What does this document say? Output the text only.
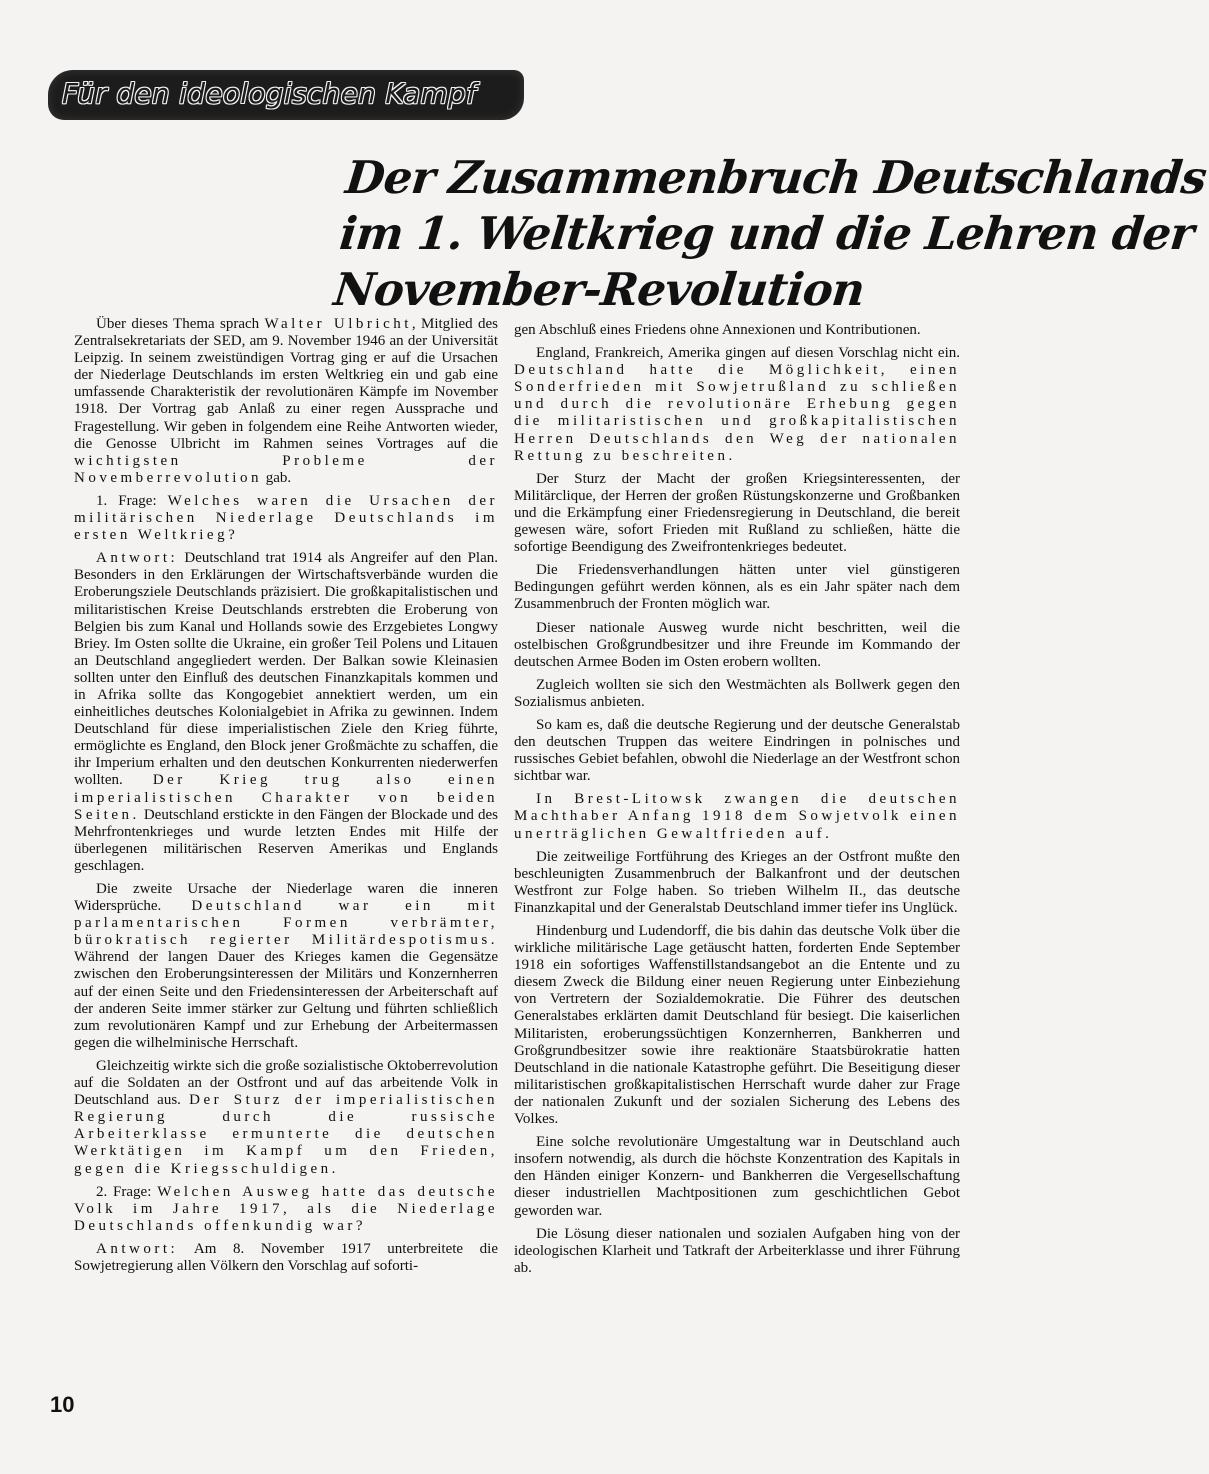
Für den ideologischen Kampf
Der Zusammenbruch Deutschlands
im 1. Weltkrieg und die Lehren der
November-Revolution

Über dieses Thema sprach Walter Ulbricht, Mitglied des Zentralsekretariats der SED, am 9. November 1946 an der Universität Leipzig. In seinem zweistündigen Vortrag ging er auf die Ursachen der Niederlage Deutschlands im ersten Weltkrieg ein und gab eine umfassende Charakteristik der revolutionären Kämpfe im November 1918. Der Vortrag gab Anlaß zu einer regen Aussprache und Fragestellung. Wir geben in folgendem eine Reihe Antworten wieder, die Genosse Ulbricht im Rahmen seines Vortrages auf die wichtigsten Probleme der Novemberrevolution gab.

1. Frage: Welches waren die Ursachen der militärischen Niederlage Deutschlands im ersten Weltkrieg?

Antwort: Deutschland trat 1914 als Angreifer auf den Plan. Besonders in den Erklärungen der Wirtschaftsverbände wurden die Eroberungsziele Deutschlands präzisiert. Die großkapitalistischen und militaristischen Kreise Deutschlands erstrebten die Eroberung von Belgien bis zum Kanal und Hollands sowie des Erzgebietes Longwy Briey. Im Osten sollte die Ukraine, ein großer Teil Polens und Litauen an Deutschland angegliedert werden. Der Balkan sowie Kleinasien sollten unter den Einfluß des deutschen Finanzkapitals kommen und in Afrika sollte das Kongogebiet annektiert werden, um ein einheitliches deutsches Kolonialgebiet in Afrika zu gewinnen. Indem Deutschland für diese imperialistischen Ziele den Krieg führte, ermöglichte es England, den Block jener Großmächte zu schaffen, die ihr Imperium erhalten und den deutschen Konkurrenten niederwerfen wollten. Der Krieg trug also einen imperialistischen Charakter von beiden Seiten. Deutschland erstickte in den Fängen der Blockade und des Mehrfrontenkrieges und wurde letzten Endes mit Hilfe der überlegenen militärischen Reserven Amerikas und Englands geschlagen.

Die zweite Ursache der Niederlage waren die inneren Widersprüche. Deutschland war ein mit parlamentarischen Formen verbrämter, bürokratisch regierter Militärdespotismus. Während der langen Dauer des Krieges kamen die Gegensätze zwischen den Eroberungsinteressen der Militärs und Konzernherren auf der einen Seite und den Friedensinteressen der Arbeiterschaft auf der anderen Seite immer stärker zur Geltung und führten schließlich zum revolutionären Kampf und zur Erhebung der Arbeitermassen gegen die wilhelminische Herrschaft.

Gleichzeitig wirkte sich die große sozialistische Oktoberrevolution auf die Soldaten an der Ostfront und auf das arbeitende Volk in Deutschland aus. Der Sturz der imperialistischen Regierung durch die russische Arbeiterklasse ermunterte die deutschen Werktätigen im Kampf um den Frieden, gegen die Kriegsschuldigen.

2. Frage: Welchen Ausweg hatte das deutsche Volk im Jahre 1917, als die Niederlage Deutschlands offenkundig war?

Antwort: Am 8. November 1917 unterbreitete die Sowjetregierung allen Völkern den Vorschlag auf soforti-

gen Abschluß eines Friedens ohne Annexionen und Kontributionen.

England, Frankreich, Amerika gingen auf diesen Vorschlag nicht ein. Deutschland hatte die Möglichkeit, einen Sonderfrieden mit Sowjetrußland zu schließen und durch die revolutionäre Erhebung gegen die militaristischen und großkapitalistischen Herren Deutschlands den Weg der nationalen Rettung zu beschreiten.

Der Sturz der Macht der großen Kriegsinteressenten, der Militärclique, der Herren der großen Rüstungskonzerne und Großbanken und die Erkämpfung einer Friedensregierung in Deutschland, die bereit gewesen wäre, sofort Frieden mit Rußland zu schließen, hätte die sofortige Beendigung des Zweifrontenkrieges bedeutet.

Die Friedensverhandlungen hätten unter viel günstigeren Bedingungen geführt werden können, als es ein Jahr später nach dem Zusammenbruch der Fronten möglich war.

Dieser nationale Ausweg wurde nicht beschritten, weil die ostelbischen Großgrundbesitzer und ihre Freunde im Kommando der deutschen Armee Boden im Osten erobern wollten.

Zugleich wollten sie sich den Westmächten als Bollwerk gegen den Sozialismus anbieten.

So kam es, daß die deutsche Regierung und der deutsche Generalstab den deutschen Truppen das weitere Eindringen in polnisches und russisches Gebiet befahlen, obwohl die Niederlage an der Westfront schon sichtbar war.

In Brest-Litowsk zwangen die deutschen Machthaber Anfang 1918 dem Sowjetvolk einen unerträglichen Gewaltfrieden auf.

Die zeitweilige Fortführung des Krieges an der Ostfront mußte den beschleunigten Zusammenbruch der Balkanfront und der deutschen Westfront zur Folge haben. So trieben Wilhelm II., das deutsche Finanzkapital und der Generalstab Deutschland immer tiefer ins Unglück.

Hindenburg und Ludendorff, die bis dahin das deutsche Volk über die wirkliche militärische Lage getäuscht hatten, forderten Ende September 1918 ein sofortiges Waffenstillstandsangebot an die Entente und zu diesem Zweck die Bildung einer neuen Regierung unter Einbeziehung von Vertretern der Sozialdemokratie. Die Führer des deutschen Generalstabes erklärten damit Deutschland für besiegt. Die kaiserlichen Militaristen, eroberungssüchtigen Konzernherren, Bankherren und Großgrundbesitzer sowie ihre reaktionäre Staatsbürokratie hatten Deutschland in die nationale Katastrophe geführt. Die Beseitigung dieser militaristischen großkapitalistischen Herrschaft wurde daher zur Frage der nationalen Zukunft und der sozialen Sicherung des Lebens des Volkes.

Eine solche revolutionäre Umgestaltung war in Deutschland auch insofern notwendig, als durch die höchste Konzentration des Kapitals in den Händen einiger Konzern- und Bankherren die Vergesellschaftung dieser industriellen Machtpositionen zum geschichtlichen Gebot geworden war.

Die Lösung dieser nationalen und sozialen Aufgaben hing von der ideologischen Klarheit und Tatkraft der Arbeiterklasse und ihrer Führung ab.

10
